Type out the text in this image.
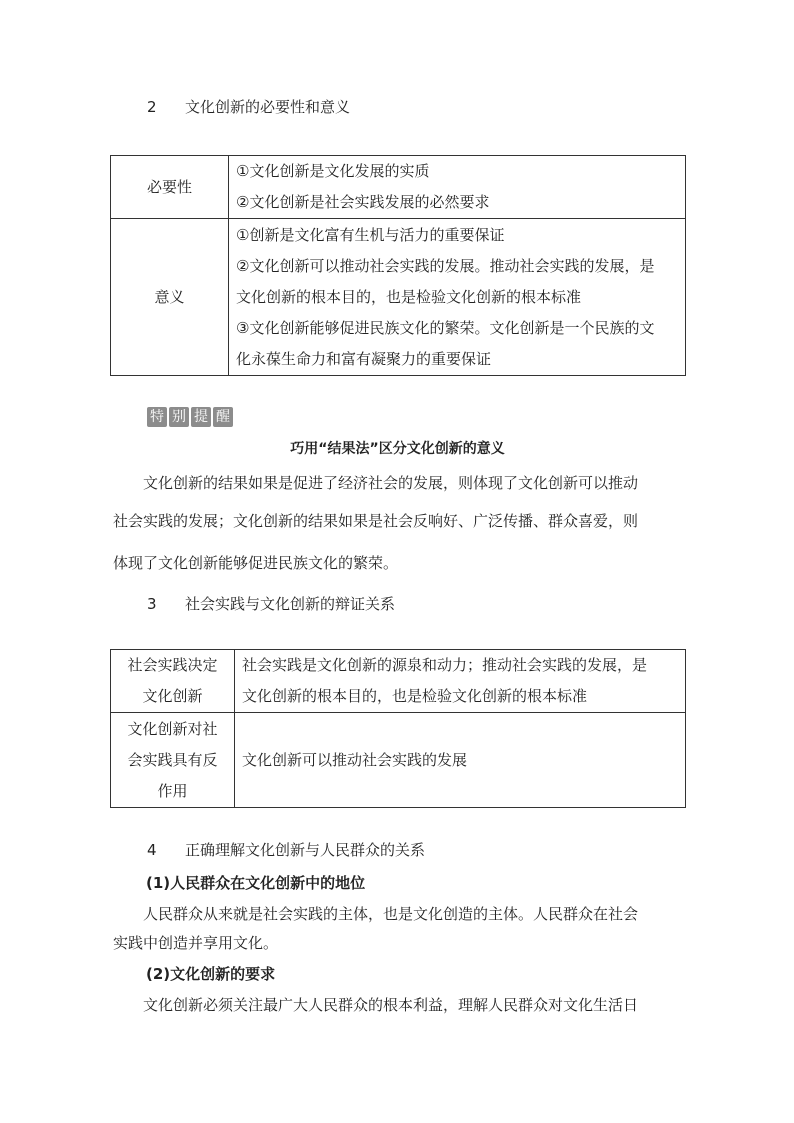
2 文化创新的必要性和意义
必要性	①文化创新是文化发展的实质
②文化创新是社会实践发展的必然要求

意义	①创新是文化富有生机与活力的重要保证
②文化创新可以推动社会实践的发展。推动社会实践的发展，是
文化创新的根本目的，也是检验文化创新的根本标准
③文化创新能够促进民族文化的繁荣。文化创新是一个民族的文
化永葆生命力和富有凝聚力的重要保证
特 别 提 醒
巧用“结果法”区分文化创新的意义
文化创新的结果如果是促进了经济社会的发展，则体现了文化创新可以推动
社会实践的发展；文化创新的结果如果是社会反响好、广泛传播、群众喜爱，则
体现了文化创新能够促进民族文化的繁荣。
3 社会实践与文化创新的辩证关系
社会实践决定
文化创新	社会实践是文化创新的源泉和动力；推动社会实践的发展，是
文化创新的根本目的，也是检验文化创新的根本标准

文化创新对社
会实践具有反
作用	文化创新可以推动社会实践的发展
4 正确理解文化创新与人民群众的关系
(1)人民群众在文化创新中的地位
人民群众从来就是社会实践的主体，也是文化创造的主体。人民群众在社会
实践中创造并享用文化。
(2)文化创新的要求
文化创新必须关注最广大人民群众的根本利益，理解人民群众对文化生活日
